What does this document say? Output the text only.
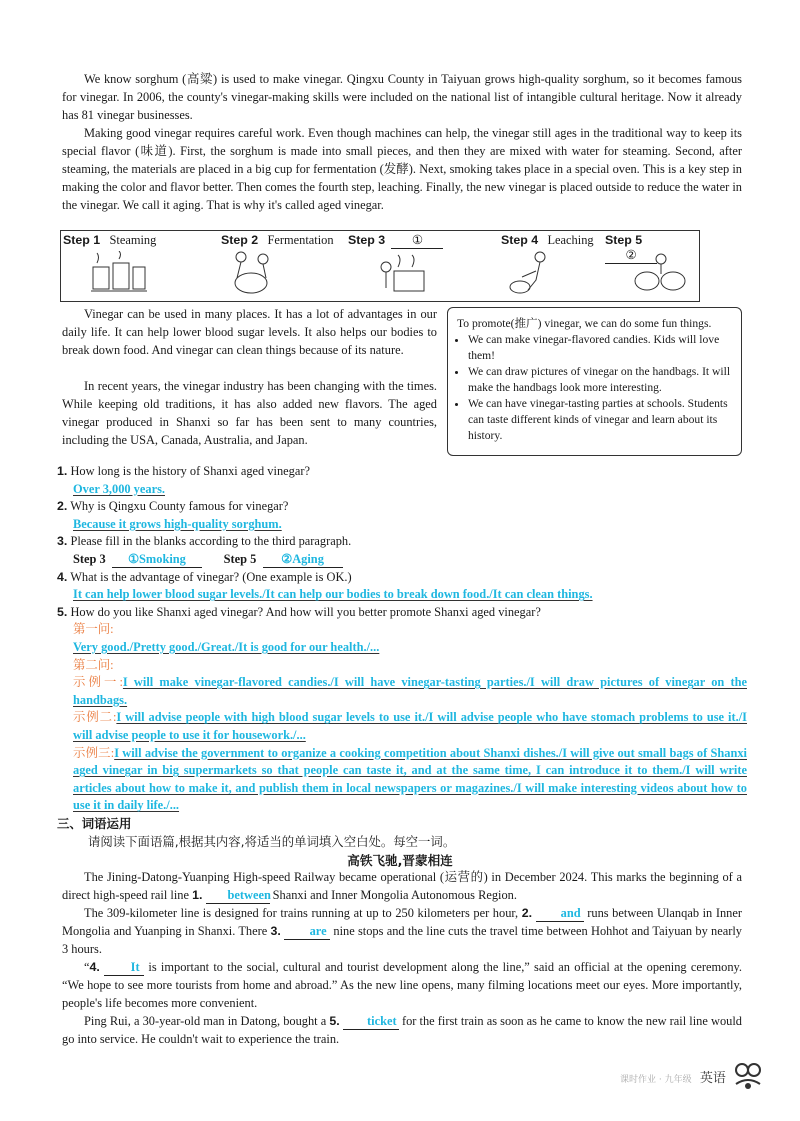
We know sorghum (高粱) is used to make vinegar. Qingxu County in Taiyuan grows high-quality sorghum, so it becomes famous for vinegar. In 2006, the county's vinegar-making skills were included on the national list of intangible cultural heritage. Now it already has 81 vinegar businesses.
Making good vinegar requires careful work. Even though machines can help, the vinegar still ages in the traditional way to keep its special flavor (味道). First, the sorghum is made into small pieces, and then they are mixed with water for steaming. Second, after steaming, the materials are placed in a big cup for fermentation (发酵). Next, smoking takes place in a special oven. This is a key step in making the color and flavor better. Then comes the fourth step, leaching. Finally, the new vinegar is placed outside to reduce the water in the vinegar. We call it aging. That is why it's called aged vinegar.
Step 1 Steaming	Step 2 Fermentation Step 3 ①	Step 4 Leaching Step 5  ②
Vinegar can be used in many places. It has a lot of advantages in our daily life. It can help lower blood sugar levels. It also helps our bodies to break down food. And vinegar can clean things because of its nature.
In recent years, the vinegar industry has been changing with the times. While keeping old traditions, it has also added new flavors. The aged vinegar produced in Shanxi so far has been sent to many countries, including the USA, Canada, Australia, and Japan.
To promote(推广) vinegar, we can do some fun things.
• We can make vinegar-flavored candies. Kids will love them!
• We can draw pictures of vinegar on the handbags. It will make the handbags look more interesting.
• We can have vinegar-tasting parties at schools. Students can taste different kinds of vinegar and learn about its history.
1. How long is the history of Shanxi aged vinegar?
Over 3,000 years.
2. Why is Qingxu County famous for vinegar?
Because it grows high-quality sorghum.
3. Please fill in the blanks according to the third paragraph.
Step 3 ①Smoking	Step 5 ②Aging
4. What is the advantage of vinegar? (One example is OK.)
It can help lower blood sugar levels./It can help our bodies to break down food./It can clean things.
5. How do you like Shanxi aged vinegar? And how will you better promote Shanxi aged vinegar?
第一问:
Very good./Pretty good./Great./It is good for our health./...
第二问:
示例一:I will make vinegar-flavored candies./I will have vinegar-tasting parties./I will draw pictures of vinegar on the handbags.
示例二:I will advise people with high blood sugar levels to use it./I will advise people who have stomach problems to use it./I will advise people to use it for housework./...
示例三:I will advise the government to organize a cooking competition about Shanxi dishes./I will give out small bags of Shanxi aged vinegar in big supermarkets so that people can taste it, and at the same time, I can introduce it to them./I will write articles about how to make it, and publish them in local newspapers or magazines./I will make interesting videos about how to use it in daily life./...
三、词语运用
请阅读下面语篇,根据其内容,将适当的单词填入空白处。每空一词。
高铁飞驰,晋蒙相连
The Jining-Datong-Yuanping High-speed Railway became operational (运营的) in December 2024. This marks the beginning of a direct high-speed rail line 1. between Shanxi and Inner Mongolia Autonomous Region.
The 309-kilometer line is designed for trains running at up to 250 kilometers per hour, 2. and runs between Ulanqab in Inner Mongolia and Yuanping in Shanxi. There 3. are nine stops and the line cuts the travel time between Hohhot and Taiyuan by nearly 3 hours.
“4. It is important to the social, cultural and tourist development along the line,” said an official at the opening ceremony. “We hope to see more tourists from home and abroad.” As the new line opens, many filming locations meet our eyes. More importantly, people's life becomes more convenient.
Ping Rui, a 30-year-old man in Datong, bought a 5. ticket for the first train as soon as he came to know the new rail line would go into service. He couldn't wait to experience the train.
课时作业 · 九年级 英语
